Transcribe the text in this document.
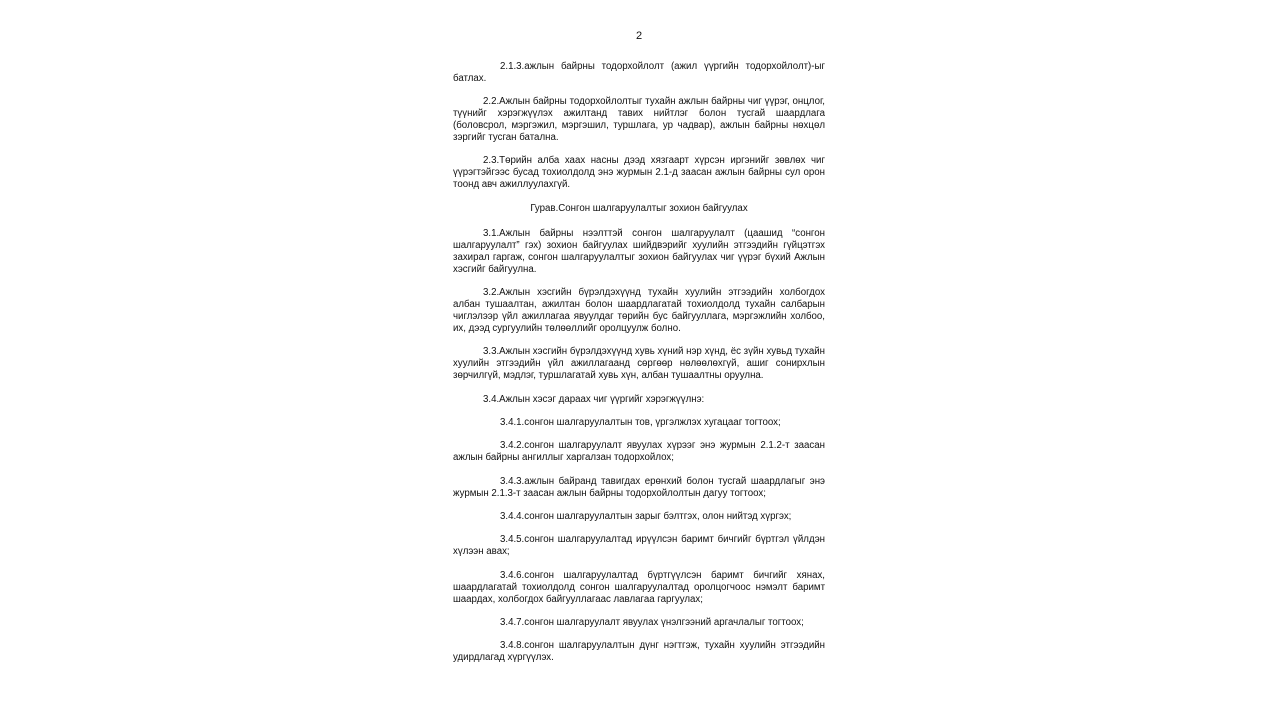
2

2.1.3.ажлын байрны тодорхойлолт (ажил үүргийн тодорхойлолт)-ыг батлах.

2.2.Ажлын байрны тодорхойлолтыг тухайн ажлын байрны чиг үүрэг, онцлог, түүнийг хэрэгжүүлэх ажилтанд тавих нийтлэг болон тусгай шаардлага (боловсрол, мэргэжил, мэргэшил, туршлага, ур чадвар), ажлын байрны нөхцөл зэргийг тусган батална.

2.3.Төрийн алба хаах насны дээд хязгаарт хүрсэн иргэнийг зөвлөх чиг үүрэгтэйгээс бусад тохиолдолд энэ журмын 2.1-д заасан ажлын байрны сул орон тоонд авч ажиллуулахгүй.

Гурав.Сонгон шалгаруулалтыг зохион байгуулах

3.1.Ажлын байрны нээлттэй сонгон шалгаруулалт (цаашид “сонгон шалгаруулалт” гэх) зохион байгуулах шийдвэрийг хуулийн этгээдийн гүйцэтгэх захирал гаргаж, сонгон шалгаруулалтыг зохион байгуулах чиг үүрэг бүхий Ажлын хэсгийг байгуулна.

3.2.Ажлын хэсгийн бүрэлдэхүүнд тухайн хуулийн этгээдийн холбогдох албан тушаалтан, ажилтан болон шаардлагатай тохиолдолд тухайн салбарын чиглэлээр үйл ажиллагаа явуулдаг төрийн бус байгууллага, мэргэжлийн холбоо, их, дээд сургуулийн төлөөллийг оролцуулж болно.

3.3.Ажлын хэсгийн бүрэлдэхүүнд хувь хүний нэр хүнд, ёс зүйн хувьд тухайн хуулийн этгээдийн үйл ажиллагаанд сөргөөр нөлөөлөхгүй, ашиг сонирхлын зөрчилгүй, мэдлэг, туршлагатай хувь хүн, албан тушаалтны оруулна.

3.4.Ажлын хэсэг дараах чиг үүргийг хэрэгжүүлнэ:

3.4.1.сонгон шалгаруулалтын тов, үргэлжлэх хугацааг тогтоох;

3.4.2.сонгон шалгаруулалт явуулах хүрээг энэ журмын 2.1.2-т заасан ажлын байрны ангиллыг харгалзан тодорхойлох;

3.4.3.ажлын байранд тавигдах ерөнхий болон тусгай шаардлагыг энэ журмын 2.1.3-т заасан ажлын байрны тодорхойлолтын дагуу тогтоох;

3.4.4.сонгон шалгаруулалтын зарыг бэлтгэх, олон нийтэд хүргэх;

3.4.5.сонгон шалгаруулалтад ирүүлсэн баримт бичгийг бүртгэл үйлдэн хүлээн авах;

3.4.6.сонгон шалгаруулалтад бүртгүүлсэн баримт бичгийг хянах, шаардлагатай тохиолдолд сонгон шалгаруулалтад оролцогчоос нэмэлт баримт шаардах, холбогдох байгууллагаас лавлагаа гаргуулах;

3.4.7.сонгон шалгаруулалт явуулах үнэлгээний аргачлалыг тогтоох;

3.4.8.сонгон шалгаруулалтын дүнг нэгтгэж, тухайн хуулийн этгээдийн удирдлагад хүргүүлэх.
